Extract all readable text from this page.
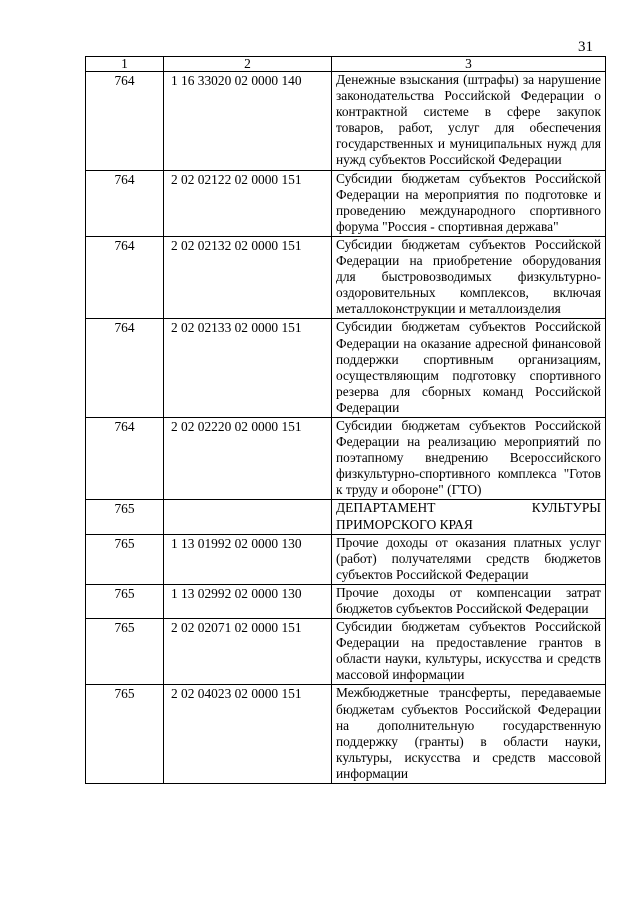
31
1	2	3
764	1 16 33020 02 0000 140	Денежные взыскания (штрафы) за нарушение законодательства Российской Федерации о контрактной системе в сфере закупок товаров, работ, услуг для обеспечения государственных и муниципальных нужд для нужд субъектов Российской Федерации
764	2 02 02122 02 0000 151	Субсидии бюджетам субъектов Российской Федерации на мероприятия по подготовке и проведению международного спортивного форума "Россия - спортивная держава"
764	2 02 02132 02 0000 151	Субсидии бюджетам субъектов Российской Федерации на приобретение оборудования для быстровозводимых физкультурно-оздоровительных комплексов, включая металлоконструкции и металлоизделия
764	2 02 02133 02 0000 151	Субсидии бюджетам субъектов Российской Федерации на оказание адресной финансовой поддержки спортивным организациям, осуществляющим подготовку спортивного резерва для сборных команд Российской Федерации
764	2 02 02220 02 0000 151	Субсидии бюджетам субъектов Российской Федерации на реализацию мероприятий по поэтапному внедрению Всероссийского физкультурно-спортивного комплекса "Готов к труду и обороне" (ГТО)
765		ДЕПАРТАМЕНТ КУЛЬТУРЫ ПРИМОРСКОГО КРАЯ
765	1 13 01992 02 0000 130	Прочие доходы от оказания платных услуг (работ) получателями средств бюджетов субъектов Российской Федерации
765	1 13 02992 02 0000 130	Прочие доходы от компенсации затрат бюджетов субъектов Российской Федерации
765	2 02 02071 02 0000 151	Субсидии бюджетам субъектов Российской Федерации на предоставление грантов в области науки, культуры, искусства и средств массовой информации
765	2 02 04023 02 0000 151	Межбюджетные трансферты, передаваемые бюджетам субъектов Российской Федерации на дополнительную государственную поддержку (гранты) в области науки, культуры, искусства и средств массовой информации
